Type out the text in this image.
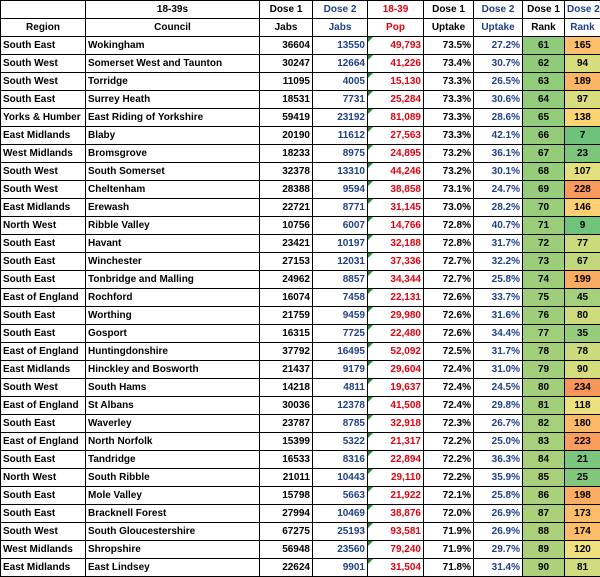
	18-39s	Dose 1	Dose 2	18-39	Dose 1	Dose 2	Dose 1	Dose 2
Region	Council	Jabs	Jabs	Pop	Uptake	Uptake	Rank	Rank
South East	Wokingham	36604	13550	49,793	73.5%	27.2%	61	165
South West	Somerset West and Taunton	30247	12664	41,226	73.4%	30.7%	62	94
South West	Torridge	11095	4005	15,130	73.3%	26.5%	63	189
South East	Surrey Heath	18531	7731	25,284	73.3%	30.6%	64	97
Yorks & Humber	East Riding of Yorkshire	59419	23192	81,089	73.3%	28.6%	65	138
East Midlands	Blaby	20190	11612	27,563	73.3%	42.1%	66	7
West Midlands	Bromsgrove	18233	8975	24,895	73.2%	36.1%	67	23
South West	South Somerset	32378	13310	44,246	73.2%	30.1%	68	107
South West	Cheltenham	28388	9594	38,858	73.1%	24.7%	69	228
East Midlands	Erewash	22721	8771	31,145	73.0%	28.2%	70	146
North West	Ribble Valley	10756	6007	14,766	72.8%	40.7%	71	9
South East	Havant	23421	10197	32,188	72.8%	31.7%	72	77
South East	Winchester	27153	12031	37,336	72.7%	32.2%	73	67
South East	Tonbridge and Malling	24962	8857	34,344	72.7%	25.8%	74	199
East of England	Rochford	16074	7458	22,131	72.6%	33.7%	75	45
South East	Worthing	21759	9459	29,980	72.6%	31.6%	76	80
South East	Gosport	16315	7725	22,480	72.6%	34.4%	77	35
East of England	Huntingdonshire	37792	16495	52,092	72.5%	31.7%	78	78
East Midlands	Hinckley and Bosworth	21437	9179	29,604	72.4%	31.0%	79	90
South West	South Hams	14218	4811	19,637	72.4%	24.5%	80	234
East of England	St Albans	30036	12378	41,508	72.4%	29.8%	81	118
South East	Waverley	23787	8785	32,918	72.3%	26.7%	82	180
East of England	North Norfolk	15399	5322	21,317	72.2%	25.0%	83	223
South East	Tandridge	16533	8316	22,894	72.2%	36.3%	84	21
North West	South Ribble	21011	10443	29,110	72.2%	35.9%	85	25
South East	Mole Valley	15798	5663	21,922	72.1%	25.8%	86	198
South East	Bracknell Forest	27994	10469	38,876	72.0%	26.9%	87	173
South West	South Gloucestershire	67275	25193	93,581	71.9%	26.9%	88	174
West Midlands	Shropshire	56948	23560	79,240	71.9%	29.7%	89	120
East Midlands	East Lindsey	22624	9901	31,504	71.8%	31.4%	90	81
